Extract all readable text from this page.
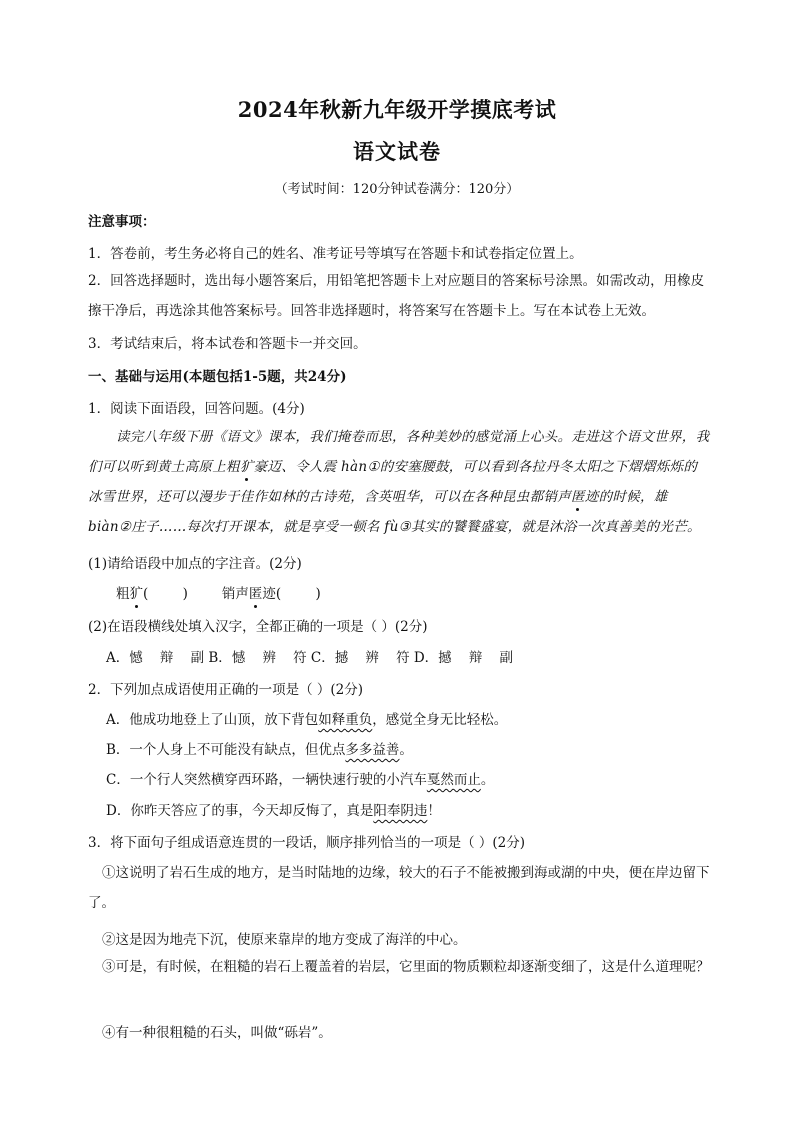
2024年秋新九年级开学摸底考试
语文试卷
（考试时间：120分钟试卷满分：120分）
注意事项：
1．答卷前，考生务必将自己的姓名、准考证号等填写在答题卡和试卷指定位置上。
2．回答选择题时，选出每小题答案后，用铅笔把答题卡上对应题目的答案标号涂黑。如需改动，用橡皮擦干净后，再选涂其他答案标号。回答非选择题时，将答案写在答题卡上。写在本试卷上无效。
3．考试结束后，将本试卷和答题卡一并交回。
一、基础与运用(本题包括1-5题，共24分)
1．阅读下面语段，回答问题。(4分)
读完八年级下册《语文》课本，我们掩卷而思，各种美妙的感觉涌上心头。走进这个语文世界，我们可以听到黄土高原上粗犷豪迈、令人震 hàn①的安塞腰鼓，可以看到各拉丹冬太阳之下熠熠烁烁的冰雪世界，还可以漫步于佳作如林的古诗苑，含英咀华，可以在各种昆虫都销声匿迹的时候，雄 biàn②庄子……每次打开课本，就是享受一顿名 fù③其实的饕餮盛宴，就是沐浴一次真善美的光芒。
(1)请给语段中加点的字注音。(2分)
粗犷(        )	销声匿迹(        )
(2)在语段横线处填入汉字，全都正确的一项是（ ）(2分)
A．憾    辩    副 B．憾    辨    符 C．撼    辨    符 D．撼    辩    副
2．下列加点成语使用正确的一项是（ ）(2分)
A．他成功地登上了山顶，放下背包如释重负，感觉全身无比轻松。
B．一个人身上不可能没有缺点，但优点多多益善。
C．一个行人突然横穿西环路，一辆快速行驶的小汽车戛然而止。
D．你昨天答应了的事，今天却反悔了，真是阳奉阴违！
3．将下面句子组成语意连贯的一段话，顺序排列恰当的一项是（ ）(2分)
①这说明了岩石生成的地方，是当时陆地的边缘，较大的石子不能被搬到海或湖的中央，便在岸边留下了。
②这是因为地壳下沉，使原来靠岸的地方变成了海洋的中心。
③可是，有时候，在粗糙的岩石上覆盖着的岩层，它里面的物质颗粒却逐渐变细了，这是什么道理呢？
④有一种很粗糙的石头，叫做“砾岩”。
